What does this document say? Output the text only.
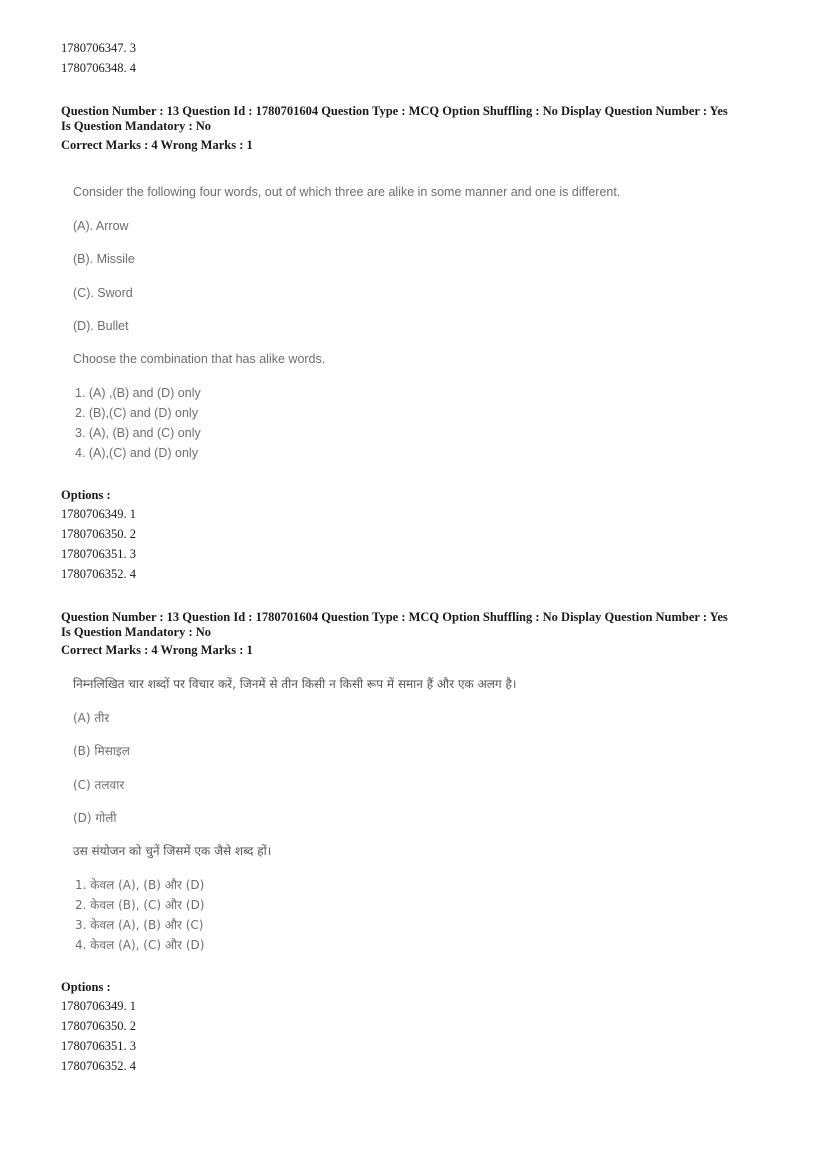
1780706347. 3
1780706348. 4
Question Number : 13 Question Id : 1780701604 Question Type : MCQ Option Shuffling : No Display Question Number : Yes
Is Question Mandatory : No
Correct Marks : 4 Wrong Marks : 1
Consider the following four words, out of which three are alike in some manner and one is different.
(A). Arrow
(B). Missile
(C). Sword
(D). Bullet
Choose the combination that has alike words.
1. (A) ,(B) and (D) only
2. (B),(C) and (D) only
3. (A), (B) and (C) only
4. (A),(C) and (D) only
Options :
1780706349. 1
1780706350. 2
1780706351. 3
1780706352. 4
Question Number : 13 Question Id : 1780701604 Question Type : MCQ Option Shuffling : No Display Question Number : Yes
Is Question Mandatory : No
Correct Marks : 4 Wrong Marks : 1
निम्नलिखित चार शब्दों पर विचार करें, जिनमें से तीन किसी न किसी रूप में समान हैं और एक अलग है।
(A) तीर
(B) मिसाइल
(C) तलवार
(D) गोली
उस संयोजन को चुनें जिसमें एक जैसे शब्द हों।
1. केवल (A), (B) और (D)
2. केवल (B), (C) और (D)
3. केवल (A), (B) और (C)
4. केवल (A), (C) और (D)
Options :
1780706349. 1
1780706350. 2
1780706351. 3
1780706352. 4
